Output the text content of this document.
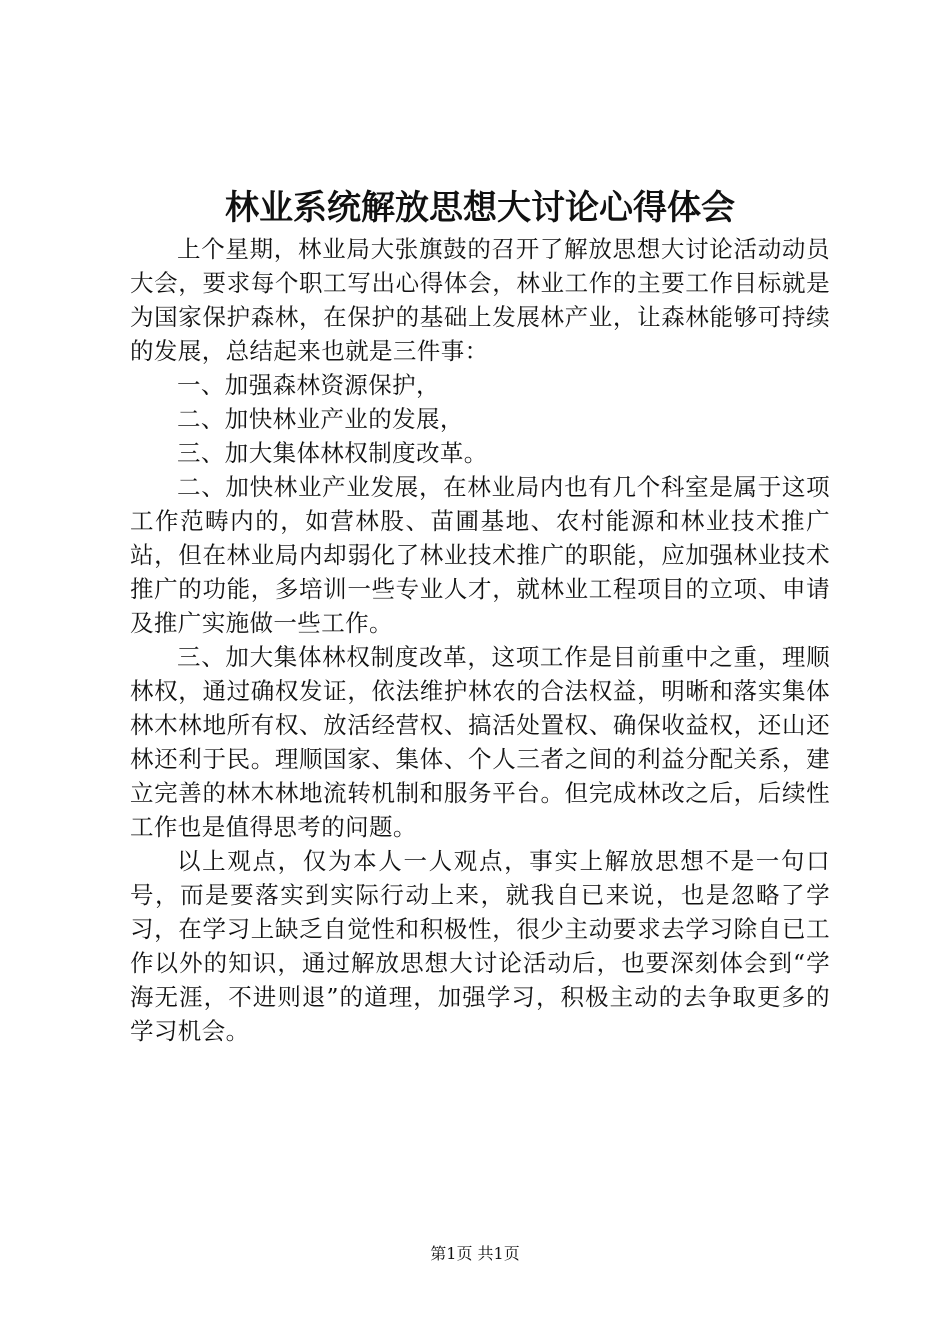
林业系统解放思想大讨论心得体会

上个星期，林业局大张旗鼓的召开了解放思想大讨论活动动员大会，要求每个职工写出心得体会，林业工作的主要工作目标就是为国家保护森林，在保护的基础上发展林产业，让森林能够可持续的发展，总结起来也就是三件事：

一、加强森林资源保护，

二、加快林业产业的发展，

三、加大集体林权制度改革。

二、加快林业产业发展，在林业局内也有几个科室是属于这项工作范畴内的，如营林股、苗圃基地、农村能源和林业技术推广站，但在林业局内却弱化了林业技术推广的职能，应加强林业技术推广的功能，多培训一些专业人才，就林业工程项目的立项、申请及推广实施做一些工作。

三、加大集体林权制度改革，这项工作是目前重中之重，理顺林权，通过确权发证，依法维护林农的合法权益，明晰和落实集体林木林地所有权、放活经营权、搞活处置权、确保收益权，还山还林还利于民。理顺国家、集体、个人三者之间的利益分配关系，建立完善的林木林地流转机制和服务平台。但完成林改之后，后续性工作也是值得思考的问题。

以上观点，仅为本人一人观点，事实上解放思想不是一句口号，而是要落实到实际行动上来，就我自已来说，也是忽略了学习，在学习上缺乏自觉性和积极性，很少主动要求去学习除自已工作以外的知识，通过解放思想大讨论活动后，也要深刻体会到“学海无涯，不进则退”的道理，加强学习，积极主动的去争取更多的学习机会。

第1页 共1页
